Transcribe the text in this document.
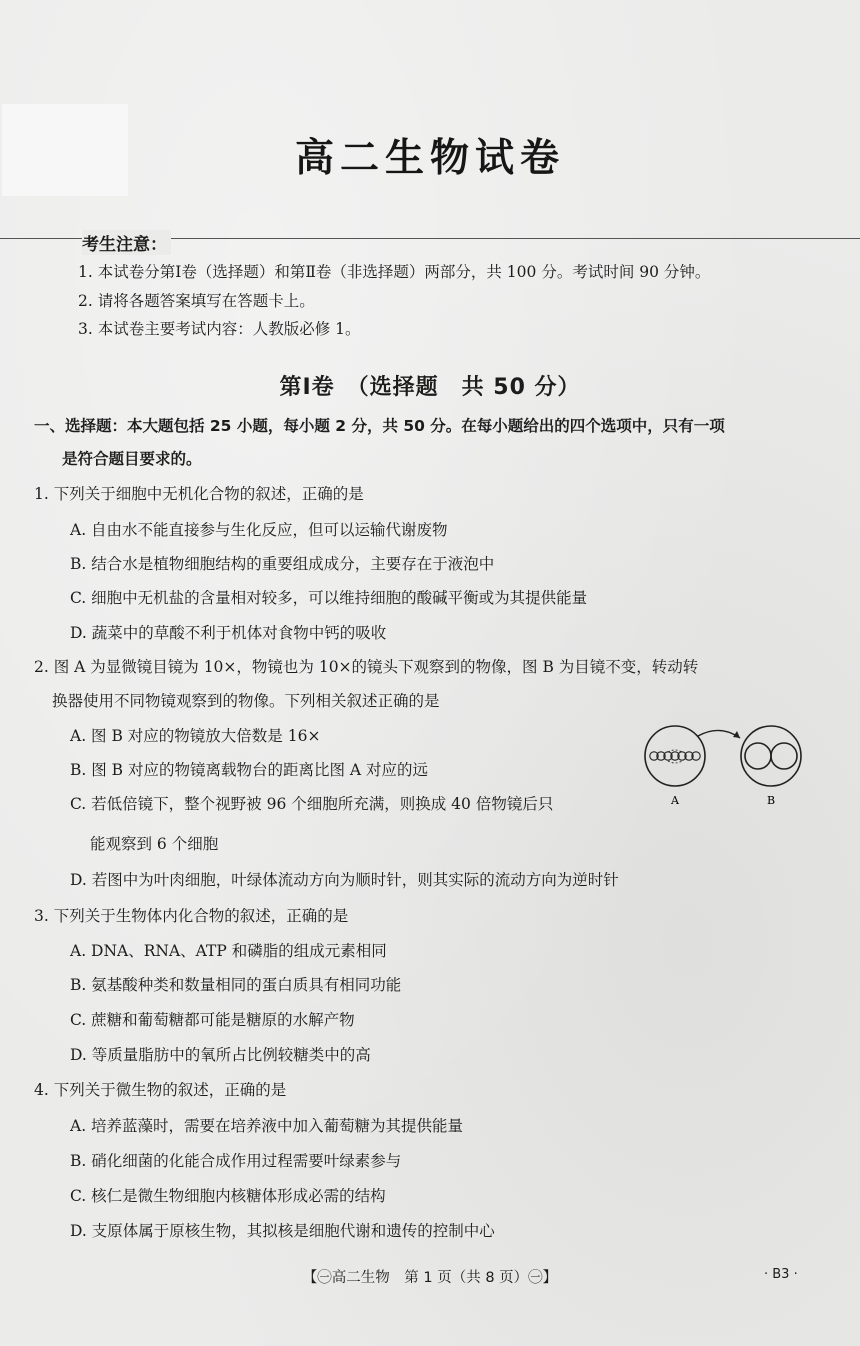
高二生物试卷
考生注意：
1. 本试卷分第Ⅰ卷（选择题）和第Ⅱ卷（非选择题）两部分，共 100 分。考试时间 90 分钟。
2. 请将各题答案填写在答题卡上。
3. 本试卷主要考试内容：人教版必修 1。
第Ⅰ卷　（选择题　共 50 分）
一、选择题：本大题包括 25 小题，每小题 2 分，共 50 分。在每小题给出的四个选项中，只有一项
是符合题目要求的。
1. 下列关于细胞中无机化合物的叙述，正确的是
A. 自由水不能直接参与生化反应，但可以运输代谢废物
B. 结合水是植物细胞结构的重要组成成分，主要存在于液泡中
C. 细胞中无机盐的含量相对较多，可以维持细胞的酸碱平衡或为其提供能量
D. 蔬菜中的草酸不利于机体对食物中钙的吸收
2. 图 A 为显微镜目镜为 10×，物镜也为 10×的镜头下观察到的物像，图 B 为目镜不变，转动转
换器使用不同物镜观察到的物像。下列相关叙述正确的是
A. 图 B 对应的物镜放大倍数是 16×
B. 图 B 对应的物镜离载物台的距离比图 A 对应的远
C. 若低倍镜下，整个视野被 96 个细胞所充满，则换成 40 倍物镜后只
能观察到 6 个细胞
D. 若图中为叶肉细胞，叶绿体流动方向为顺时针，则其实际的流动方向为逆时针
A	B
3. 下列关于生物体内化合物的叙述，正确的是
A. DNA、RNA、ATP 和磷脂的组成元素相同
B. 氨基酸种类和数量相同的蛋白质具有相同功能
C. 蔗糖和葡萄糖都可能是糖原的水解产物
D. 等质量脂肪中的氧所占比例较糖类中的高
4. 下列关于微生物的叙述，正确的是
A. 培养蓝藻时，需要在培养液中加入葡萄糖为其提供能量
B. 硝化细菌的化能合成作用过程需要叶绿素参与
C. 核仁是微生物细胞内核糖体形成必需的结构
D. 支原体属于原核生物，其拟核是细胞代谢和遗传的控制中心
【㊀高二生物　第 1 页（共 8 页）㊀】	· B3 ·
